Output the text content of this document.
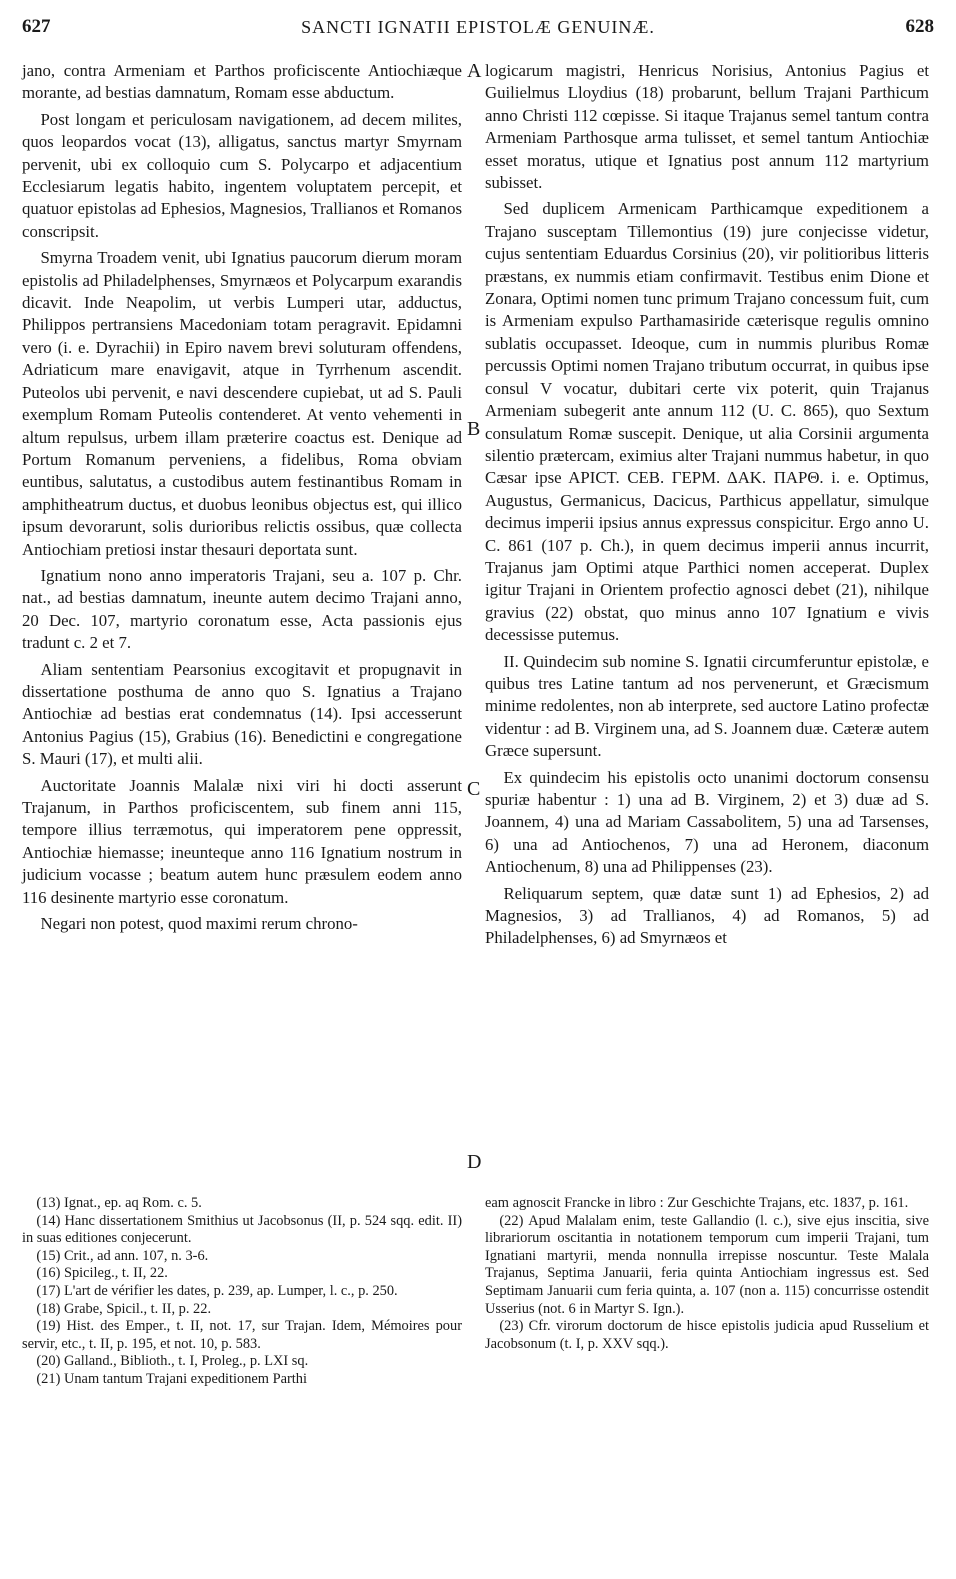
627	SANCTI IGNATII EPISTOLÆ GENUINÆ.	628

jano, contra Armeniam et Parthos proficiscente Antiochiæque morante, ad bestias damnatum, Romam esse abductum.

Post longam et periculosam navigationem, ad decem milites, quos leopardos vocat (13), alligatus, sanctus martyr Smyrnam pervenit, ubi ex colloquio cum S. Polycarpo et adjacentium Ecclesiarum legatis habito, ingentem voluptatem percepit, et quatuor epistolas ad Ephesios, Magnesios, Trallianos et Romanos conscripsit.

Smyrna Troadem venit, ubi Ignatius paucorum dierum moram epistolis ad Philadelphenses, Smyrnæos et Polycarpum exarandis dicavit. Inde Neapolim, ut verbis Lumperi utar, adductus, Philippos pertransiens Macedoniam totam peragravit. Epidamni vero (i. e. Dyrachii) in Epiro navem brevi soluturam offendens, Adriaticum mare enavigavit, atque in Tyrrhenum ascendit. Puteolos ubi pervenit, e navi descendere cupiebat, ut ad S. Pauli exemplum Romam Puteolis contenderet. At vento vehementi in altum repulsus, urbem illam præterire coactus est. Denique ad Portum Romanum perveniens, a fidelibus, Roma obviam euntibus, salutatus, a custodibus autem festinantibus Romam in amphitheatrum ductus, et duobus leonibus objectus est, qui illico ipsum devorarunt, solis durioribus relictis ossibus, quæ collecta Antiochiam pretiosi instar thesauri deportata sunt.

Ignatium nono anno imperatoris Trajani, seu a. 107 p. Chr. nat., ad bestias damnatum, ineunte autem decimo Trajani anno, 20 Dec. 107, martyrio coronatum esse, Acta passionis ejus tradunt c. 2 et 7.

Aliam sententiam Pearsonius excogitavit et propugnavit in dissertatione posthuma de anno quo S. Ignatius a Trajano Antiochiæ ad bestias erat condemnatus (14). Ipsi accesserunt Antonius Pagius (15), Grabius (16). Benedictini e congregatione S. Mauri (17), et multi alii.

Auctoritate Joannis Malalæ nixi viri hi docti asserunt Trajanum, in Parthos proficiscentem, sub finem anni 115, tempore illius terræmotus, qui imperatorem pene oppressit, Antiochiæ hiemasse; ineunteque anno 116 Ignatium nostrum in judicium vocasse ; beatum autem hunc præsulem eodem anno 116 desinente martyrio esse coronatum.

Negari non potest, quod maximi rerum chrono-

A
B
C
D

logicarum magistri, Henricus Norisius, Antonius Pagius et Guilielmus Lloydius (18) probarunt, bellum Trajani Parthicum anno Christi 112 cœpisse. Si itaque Trajanus semel tantum contra Armeniam Parthosque arma tulisset, et semel tantum Antiochiæ esset moratus, utique et Ignatius post annum 112 martyrium subisset.

Sed duplicem Armenicam Parthicamque expeditionem a Trajano susceptam Tillemontius (19) jure conjecisse videtur, cujus sententiam Eduardus Corsinius (20), vir politioribus litteris præstans, ex nummis etiam confirmavit. Testibus enim Dione et Zonara, Optimi nomen tunc primum Trajano concessum fuit, cum is Armeniam expulso Parthamasiride cæterisque regulis omnino sublatis occupasset. Ideoque, cum in nummis pluribus Romæ percussis Optimi nomen Trajano tributum occurrat, in quibus ipse consul V vocatur, dubitari certe vix poterit, quin Trajanus Armeniam subegerit ante annum 112 (U. C. 865), quo Sextum consulatum Romæ suscepit. Denique, ut alia Corsinii argumenta silentio prætercam, eximius alter Trajani nummus habetur, in quo Cæsar ipse APICT. CEB. ΓΕΡΜ. ΔΑΚ. ΠΑΡΘ. i. e. Optimus, Augustus, Germanicus, Dacicus, Parthicus appellatur, simulque decimus imperii ipsius annus expressus conspicitur. Ergo anno U. C. 861 (107 p. Ch.), in quem decimus imperii annus incurrit, Trajanus jam Optimi atque Parthici nomen acceperat. Duplex igitur Trajani in Orientem profectio agnosci debet (21), nihilque gravius (22) obstat, quo minus anno 107 Ignatium e vivis decessisse putemus.

II. Quindecim sub nomine S. Ignatii circumferuntur epistolæ, e quibus tres Latine tantum ad nos pervenerunt, et Græcismum minime redolentes, non ab interprete, sed auctore Latino profectæ videntur : ad B. Virginem una, ad S. Joannem duæ. Cæteræ autem Græce supersunt.

Ex quindecim his epistolis octo unanimi doctorum consensu spuriæ habentur : 1) una ad B. Virginem, 2) et 3) duæ ad S. Joannem, 4) una ad Mariam Cassabolitem, 5) una ad Tarsenses, 6) una ad Antiochenos, 7) una ad Heronem, diaconum Antiochenum, 8) una ad Philippenses (23).

Reliquarum septem, quæ datæ sunt 1) ad Ephesios, 2) ad Magnesios, 3) ad Trallianos, 4) ad Romanos, 5) ad Philadelphenses, 6) ad Smyrnæos et

(13) Ignat., ep. aq Rom. c. 5.

(14) Hanc dissertationem Smithius ut Jacobsonus (II, p. 524 sqq. edit. II) in suas editiones conjecerunt.

(15) Crit., ad ann. 107, n. 3-6.

(16) Spicileg., t. II, 22.

(17) L'art de vérifier les dates, p. 239, ap. Lumper, l. c., p. 250.

(18) Grabe, Spicil., t. II, p. 22.

(19) Hist. des Emper., t. II, not. 17, sur Trajan. Idem, Mémoires pour servir, etc., t. II, p. 195, et not. 10, p. 583.

(20) Galland., Biblioth., t. I, Proleg., p. LXI sq.

(21) Unam tantum Trajani expeditionem Parthi

eam agnoscit Francke in libro : Zur Geschichte Trajans, etc. 1837, p. 161.

(22) Apud Malalam enim, teste Gallandio (l. c.), sive ejus inscitia, sive librariorum oscitantia in notationem temporum cum imperii Trajani, tum Ignatiani martyrii, menda nonnulla irrepisse noscuntur. Teste Malala Trajanus, Septima Januarii, feria quinta Antiochiam ingressus est. Sed Septimam Januarii cum feria quinta, a. 107 (non a. 115) concurrisse ostendit Usserius (not. 6 in Martyr S. Ign.).

(23) Cfr. virorum doctorum de hisce epistolis judicia apud Russelium et Jacobsonum (t. I, p. XXV sqq.).
